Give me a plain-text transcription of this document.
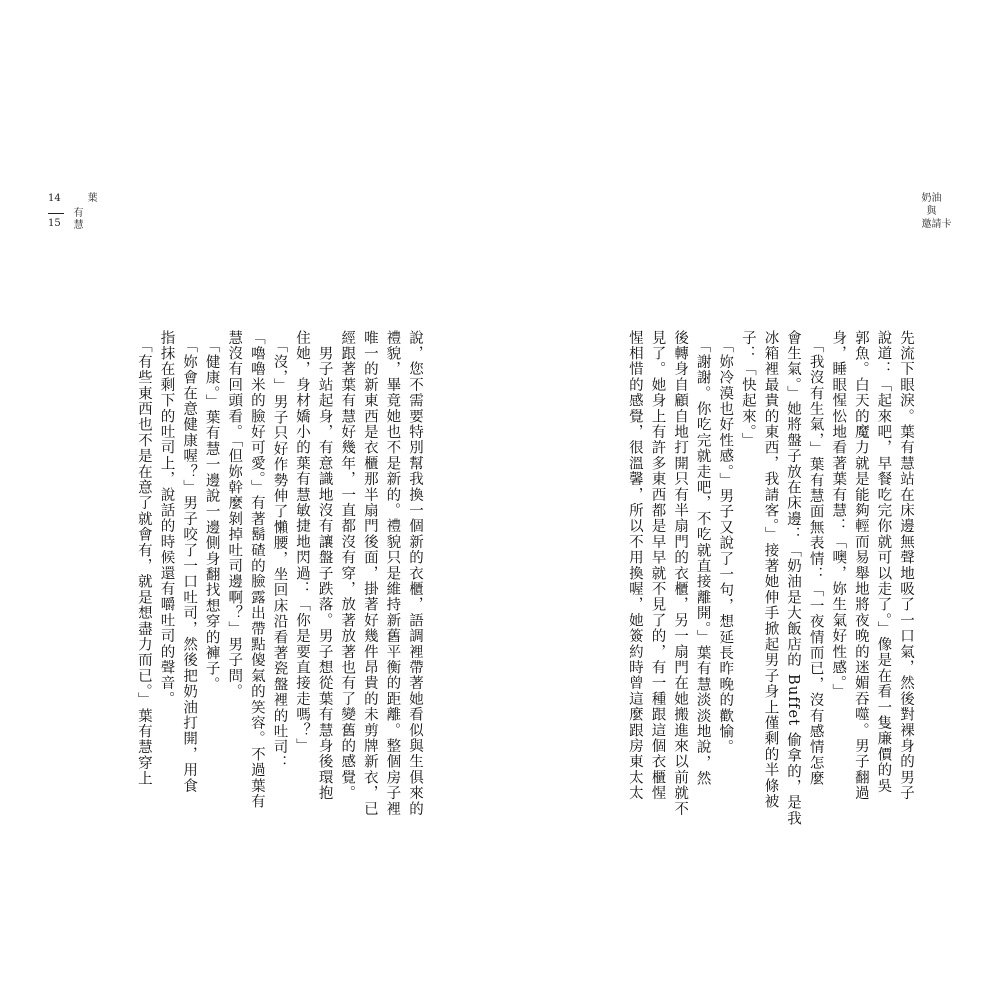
14
15
葉
有
慧
奶 油
與
邀 請 卡

說，您不需要特別幫我換一個新的衣櫃，語調裡帶著她看似與生俱來的

禮貌，畢竟她也不是新的。禮貌只是維持新舊平衡的距離。整個房子裡

唯一的新東西是衣櫃那半扇門後面，掛著好幾件昂貴的未剪牌新衣，已

經跟著葉有慧好幾年，一直都沒有穿，放著放著也有了變舊的感覺。

　男子站起身，有意識地沒有讓盤子跌落。男子想從葉有慧身後環抱

住她，身材嬌小的葉有慧敏捷地閃過：「你是要直接走嗎？」

　「沒，」男子只好作勢伸了懶腰，坐回床沿看著瓷盤裡的吐司：

「嚕嚕米的臉好可愛。」有著鬍碴的臉露出帶點傻氣的笑容。不過葉有

慧沒有回頭看。「但妳幹麼剝掉吐司邊啊？」男子問。

　「健康。」葉有慧一邊說一邊側身翻找想穿的褲子。

　「妳會在意健康喔？」男子咬了一口吐司，然後把奶油打開，用食

指抹在剩下的吐司上，說話的時候還有嚼吐司的聲音。

　「有些東西也不是在意了就會有，就是想盡力而已。」葉有慧穿上	先流下眼淚。葉有慧站在床邊無聲地吸了一口氣，然後對裸身的男子

說道：「起來吧，早餐吃完你就可以走了。」像是在看一隻廉價的吳

郭魚。白天的魔力就是能夠輕而易舉地將夜晚的迷媚吞噬。男子翻過

身，睡眼惺忪地看著葉有慧：「噢，妳生氣好性感。」

　「我沒有生氣，」葉有慧面無表情：「一夜情而已，沒有感情怎麼

會生氣。」她將盤子放在床邊：「奶油是大飯店的 Buffet 偷拿的，是我

冰箱裡最貴的東西，我請客。」接著她伸手掀起男子身上僅剩的半條被

子：「快起來。」

　「妳冷漠也好性感。」男子又說了一句，想延長昨晚的歡愉。

　「謝謝。你吃完就走吧，不吃就直接離開。」葉有慧淡淡地說，然

後轉身自顧自地打開只有半扇門的衣櫃，另一扇門在她搬進來以前就不

見了。她身上有許多東西都是早早就不見了的，有一種跟這個衣櫃惺

惺相惜的感覺，很溫馨，所以不用換喔，她簽約時曾這麼跟房東太太
